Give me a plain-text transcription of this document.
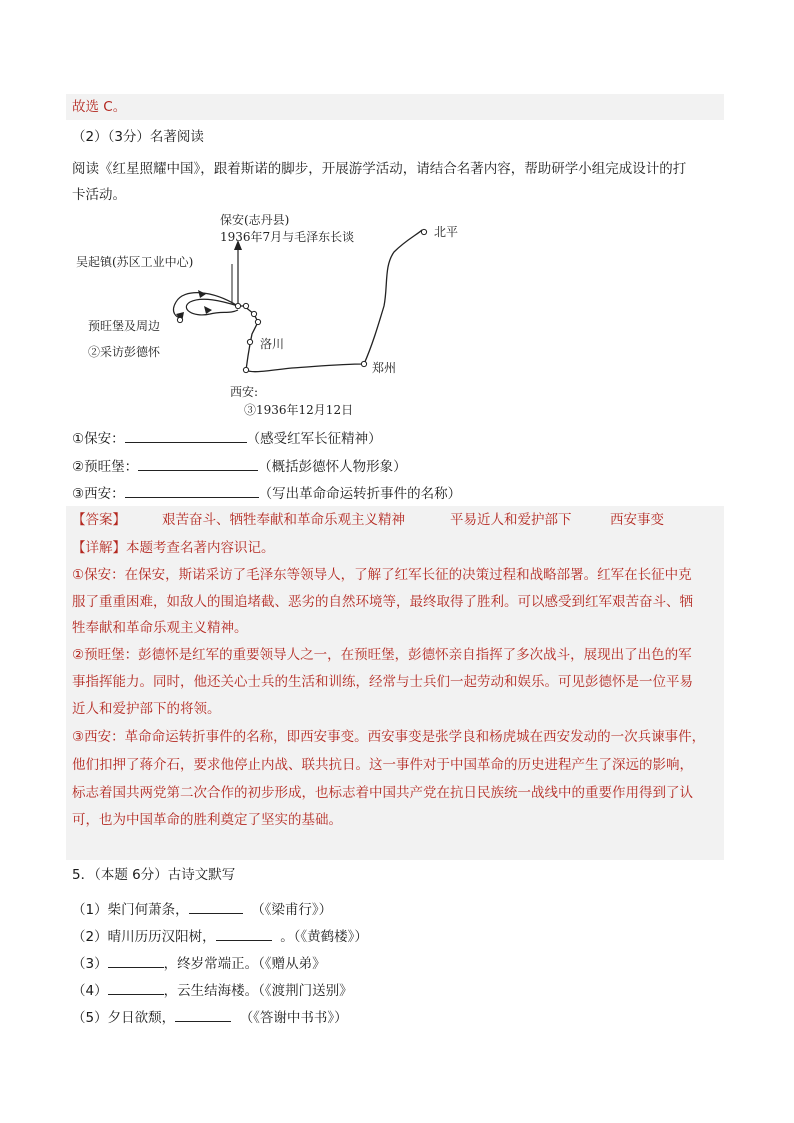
故选 C。
（2）（3分）名著阅读
阅读《红星照耀中国》，跟着斯诺的脚步，开展游学活动，请结合名著内容，帮助研学小组完成设计的打
卡活动。
保安(志丹县)
1936年7月与毛泽东长谈
吴起镇(苏区工业中心)
预旺堡及周边
②采访彭德怀
洛川
西安:
③1936年12月12日
郑州
北平
①保安：	（感受红军长征精神）
②预旺堡：	（概括彭德怀人物形象）
③西安：	（写出革命命运转折事件的名称）
【答案】	艰苦奋斗、牺牲奉献和革命乐观主义精神	平易近人和爱护部下	西安事变
【详解】本题考查名著内容识记。
①保安：在保安，斯诺采访了毛泽东等领导人，了解了红军长征的决策过程和战略部署。红军在长征中克
服了重重困难，如敌人的围追堵截、恶劣的自然环境等，最终取得了胜利。可以感受到红军艰苦奋斗、牺
牲奉献和革命乐观主义精神。
②预旺堡：彭德怀是红军的重要领导人之一，在预旺堡，彭德怀亲自指挥了多次战斗，展现出了出色的军
事指挥能力。同时，他还关心士兵的生活和训练，经常与士兵们一起劳动和娱乐。可见彭德怀是一位平易
近人和爱护部下的将领。
③西安：革命命运转折事件的名称，即西安事变。西安事变是张学良和杨虎城在西安发动的一次兵谏事件，
他们扣押了蒋介石，要求他停止内战、联共抗日。这一事件对于中国革命的历史进程产生了深远的影响，
标志着国共两党第二次合作的初步形成，也标志着中国共产党在抗日民族统一战线中的重要作用得到了认
可，也为中国革命的胜利奠定了坚实的基础。
5．（本题 6分）古诗文默写
（1）柴门何萧条，	（《梁甫行》）
（2）晴川历历汉阳树，	。（《黄鹤楼》）
（3）	，终岁常端正。（《赠从弟》
（4）	，云生结海楼。（《渡荆门送别》
（5）夕日欲颓，	（《答谢中书书》）
